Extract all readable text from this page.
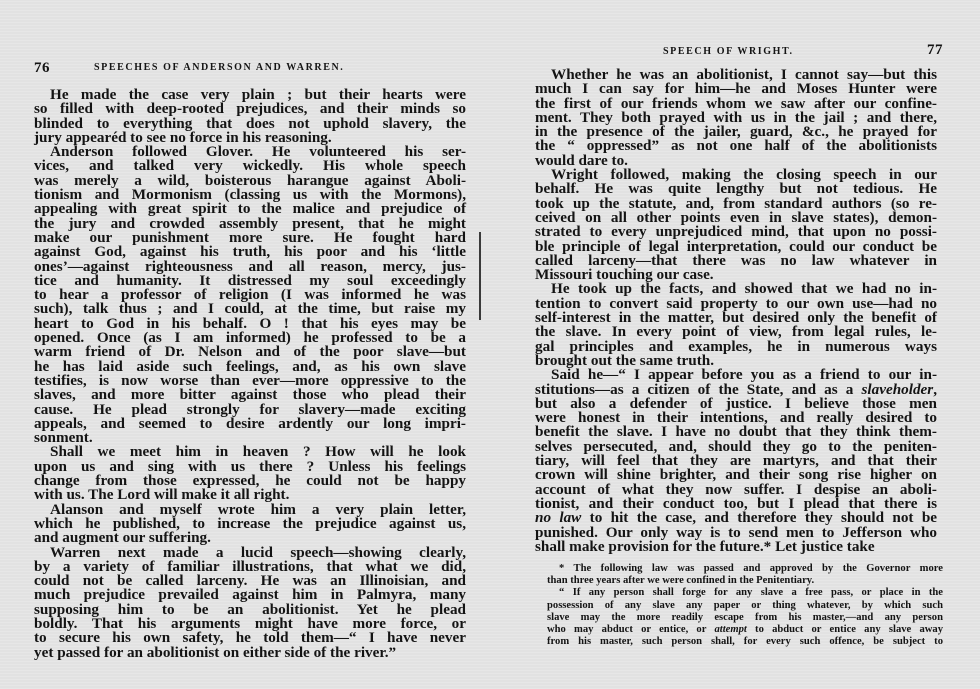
76	SPEECHES OF ANDERSON AND WARREN.
He made the case very plain ; but their hearts were
so filled with deep-rooted prejudices, and their minds so
blinded to everything that does not uphold slavery, the
jury appearéd to see no force in his reasoning.
Anderson followed Glover. He volunteered his ser-
vices, and talked very wickedly. His whole speech
was merely a wild, boisterous harangue against Aboli-
tionism and Mormonism (classing us with the Mormons),
appealing with great spirit to the malice and prejudice of
the jury and crowded assembly present, that he might
make our punishment more sure. He fought hard
against God, against his truth, his poor and his ‘little
ones’—against righteousness and all reason, mercy, jus-
tice and humanity. It distressed my soul exceedingly
to hear a professor of religion (I was informed he was
such), talk thus ; and I could, at the time, but raise my
heart to God in his behalf. O ! that his eyes may be
opened. Once (as I am informed) he professed to be a
warm friend of Dr. Nelson and of the poor slave—but
he has laid aside such feelings, and, as his own slave
testifies, is now worse than ever—more oppressive to the
slaves, and more bitter against those who plead their
cause. He plead strongly for slavery—made exciting
appeals, and seemed to desire ardently our long impri-
sonment.
Shall we meet him in heaven ? How will he look
upon us and sing with us there ? Unless his feelings
change from those expressed, he could not be happy
with us. The Lord will make it all right.
Alanson and myself wrote him a very plain letter,
which he published, to increase the prejudice against us,
and augment our suffering.
Warren next made a lucid speech—showing clearly,
by a variety of familiar illustrations, that what we did,
could not be called larceny. He was an Illinoisian, and
much prejudice prevailed against him in Palmyra, many
supposing him to be an abolitionist. Yet he plead
boldly. That his arguments might have more force, or
to secure his own safety, he told them—“ I have never
yet passed for an abolitionist on either side of the river.”
SPEECH OF WRIGHT.	77
Whether he was an abolitionist, I cannot say—but this
much I can say for him—he and Moses Hunter were
the first of our friends whom we saw after our confine-
ment. They both prayed with us in the jail ; and there,
in the presence of the jailer, guard, &c., he prayed for
the “ oppressed” as not one half of the abolitionists
would dare to.
Wright followed, making the closing speech in our
behalf. He was quite lengthy but not tedious. He
took up the statute, and, from standard authors (so re-
ceived on all other points even in slave states), demon-
strated to every unprejudiced mind, that upon no possi-
ble principle of legal interpretation, could our conduct be
called larceny—that there was no law whatever in
Missouri touching our case.
He took up the facts, and showed that we had no in-
tention to convert said property to our own use—had no
self-interest in the matter, but desired only the benefit of
the slave. In every point of view, from legal rules, le-
gal principles and examples, he in numerous ways
brought out the same truth.
Said he—“ I appear before you as a friend to our in-
stitutions—as a citizen of the State, and as a slaveholder,
but also a defender of justice. I believe those men
were honest in their intentions, and really desired to
benefit the slave. I have no doubt that they think them-
selves persecuted, and, should they go to the peniten-
tiary, will feel that they are martyrs, and that their
crown will shine brighter, and their song rise higher on
account of what they now suffer. I despise an aboli-
tionist, and their conduct too, but I plead that there is
no law to hit the case, and therefore they should not be
punished. Our only way is to send men to Jefferson who
shall make provision for the future.* Let justice take
* The following law was passed and approved by the Governor more
than three years after we were confined in the Penitentiary.
“ If any person shall forge for any slave a free pass, or place in the
possession of any slave any paper or thing whatever, by which such
slave may the more readily escape from his master,—and any person
who may abduct or entice, or attempt to abduct or entice any slave away
from his master, such person shall, for every such offence, be subject to
